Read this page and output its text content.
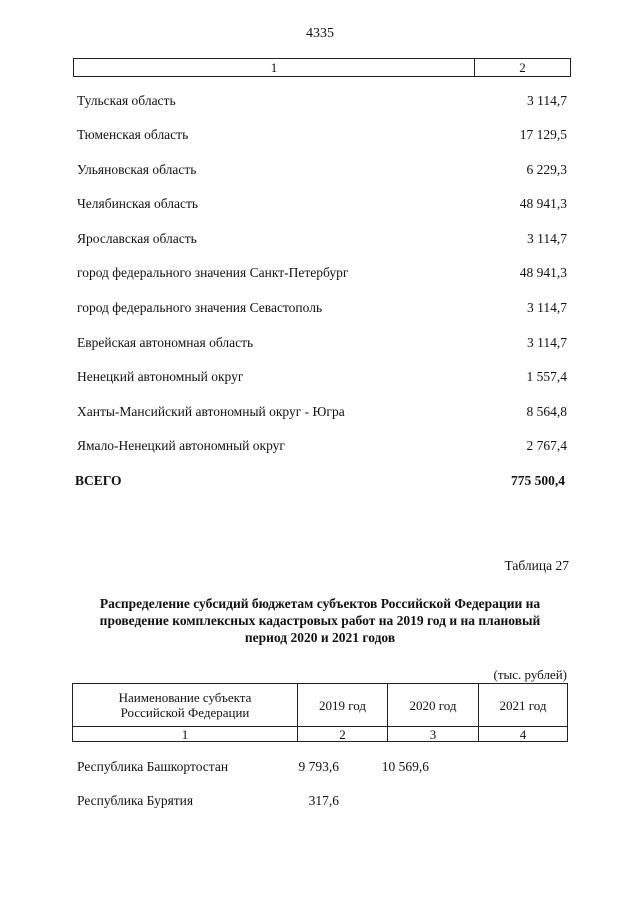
4335
1	2
Тульская область	3 114,7
Тюменская область	17 129,5
Ульяновская область	6 229,3
Челябинская область	48 941,3
Ярославская область	3 114,7
город федерального значения Санкт-Петербург	48 941,3
город федерального значения Севастополь	3 114,7
Еврейская автономная область	3 114,7
Ненецкий автономный округ	1 557,4
Ханты-Мансийский автономный округ - Югра	8 564,8
Ямало-Ненецкий автономный округ	2 767,4
ВСЕГО	775 500,4
Таблица 27
Распределение субсидий бюджетам субъектов Российской Федерации на
проведение комплексных кадастровых работ на 2019 год и на плановый
период 2020 и 2021 годов
(тыс. рублей)
Наименование субъекта
Российской Федерации	2019 год	2020 год	2021 год
1	2	3	4
Республика Башкортостан	9 793,6	10 569,6
Республика Бурятия	317,6
